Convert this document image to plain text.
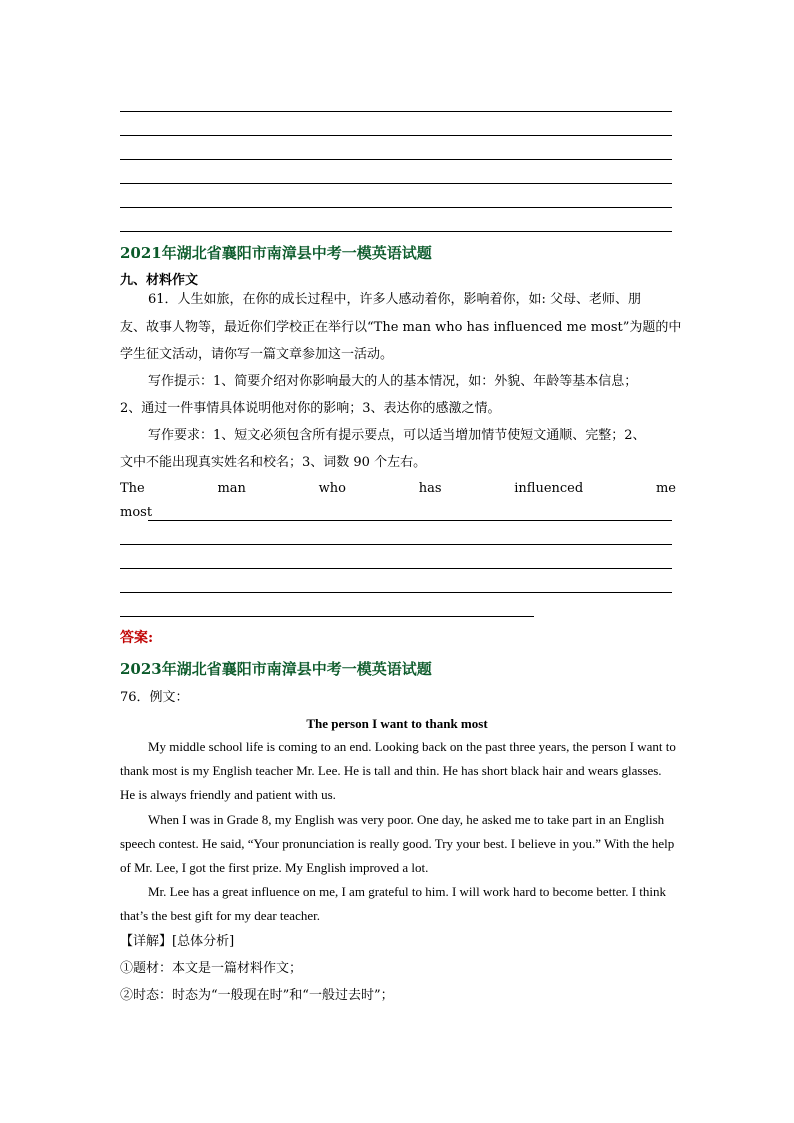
2021年湖北省襄阳市南漳县中考一模英语试题
九、材料作文
61．人生如旅，在你的成长过程中，许多人感动着你，影响着你，如: 父母、老师、朋
友、故事人物等，最近你们学校正在举行以“The man who has influenced me most”为题的中
学生征文活动，请你写一篇文章参加这一活动。
写作提示：1、简要介绍对你影响最大的人的基本情况，如：外貌、年龄等基本信息；
2、通过一件事情具体说明他对你的影响；3、表达你的感激之情。
写作要求：1、短文必须包含所有提示要点，可以适当增加情节使短文通顺、完整；2、
文中不能出现真实姓名和校名；3、词数 90 个左右。
The	man	who	has	influenced	me
most
答案:
2023年湖北省襄阳市南漳县中考一模英语试题
76．例文：
The person I want to thank most
My middle school life is coming to an end. Looking back on the past three years, the person I want to thank most is my English teacher Mr. Lee. He is tall and thin. He has short black hair and wears glasses. He is always friendly and patient with us.
When I was in Grade 8, my English was very poor. One day, he asked me to take part in an English speech contest. He said, “Your pronunciation is really good. Try your best. I believe in you.” With the help of Mr. Lee, I got the first prize. My English improved a lot.
Mr. Lee has a great influence on me, I am grateful to him. I will work hard to become better. I think that’s the best gift for my dear teacher.
【详解】[总体分析]
①题材：本文是一篇材料作文；
②时态：时态为“一般现在时”和“一般过去时”；
